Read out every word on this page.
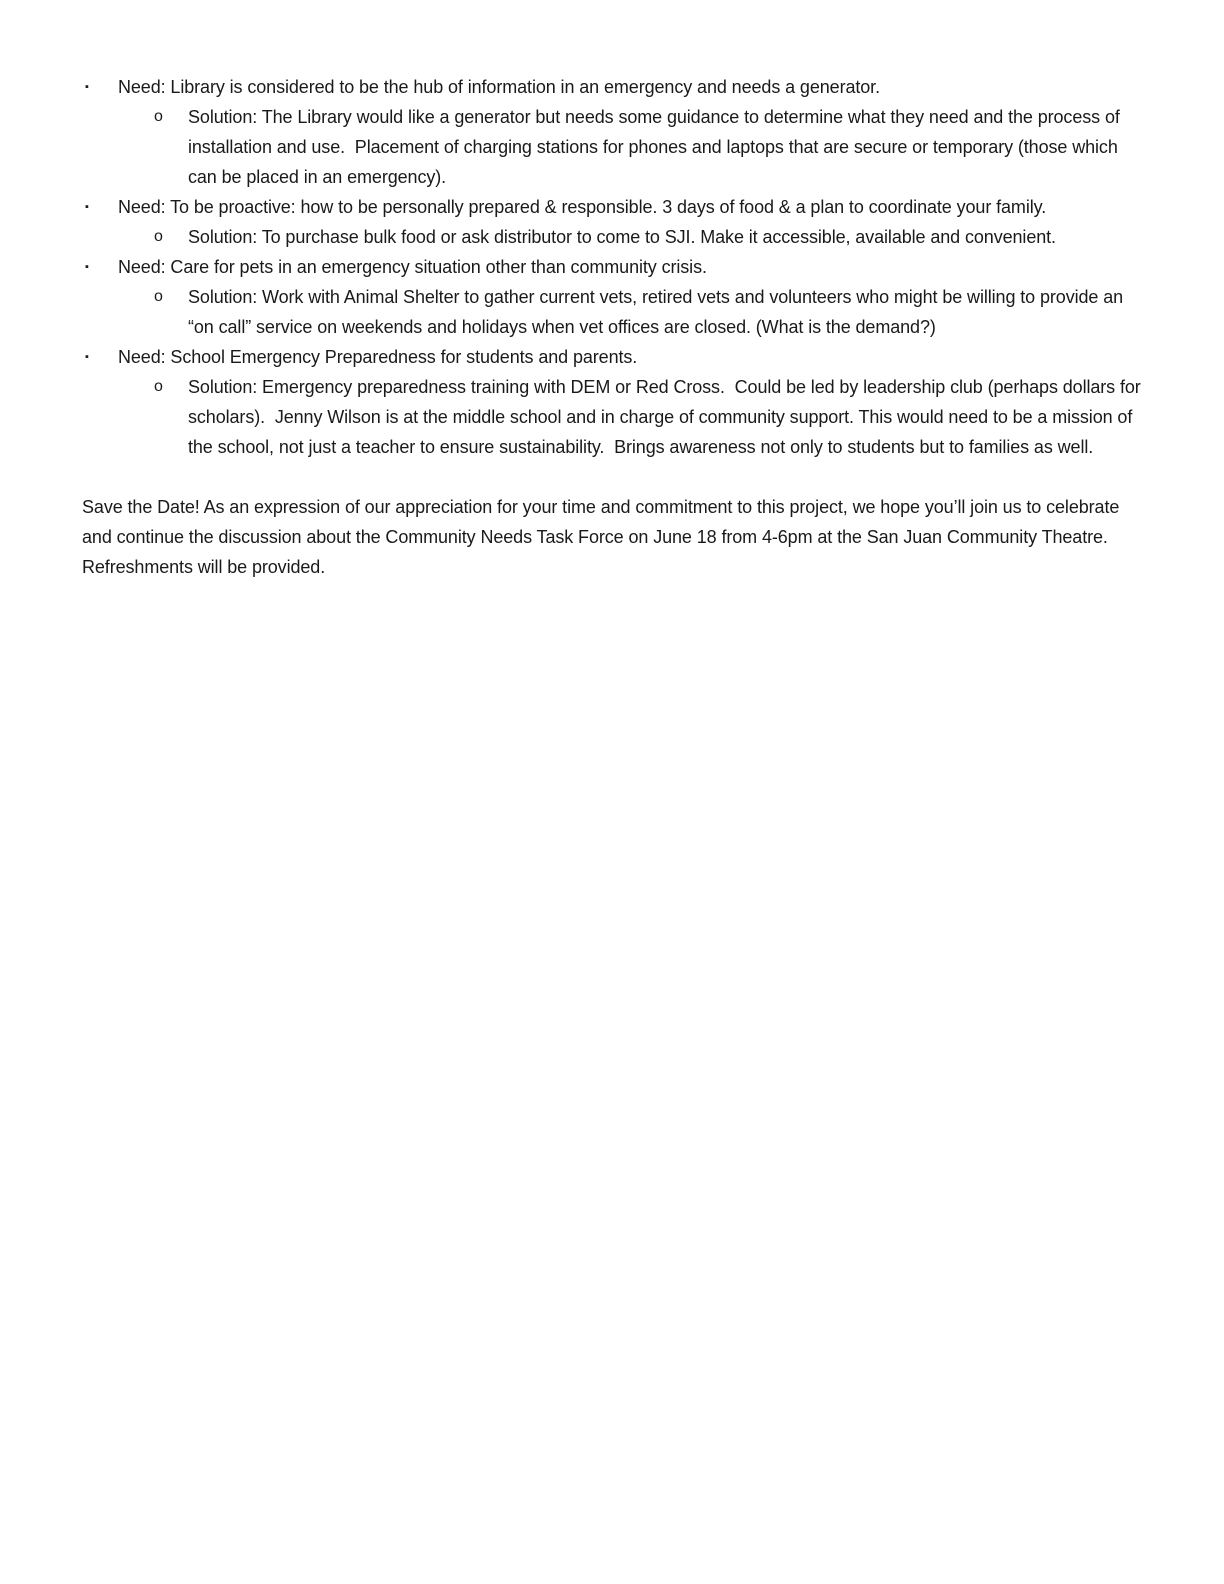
▪	Need: Library is considered to be the hub of information in an emergency and needs a generator.
o	Solution: The Library would like a generator but needs some guidance to determine what they need and the process of installation and use.  Placement of charging stations for phones and laptops that are secure or temporary (those which can be placed in an emergency).
▪	Need: To be proactive: how to be personally prepared & responsible. 3 days of food & a plan to coordinate your family.
o	Solution: To purchase bulk food or ask distributor to come to SJI. Make it accessible, available and convenient.
▪	Need: Care for pets in an emergency situation other than community crisis.
o	Solution: Work with Animal Shelter to gather current vets, retired vets and volunteers who might be willing to provide an “on call” service on weekends and holidays when vet offices are closed. (What is the demand?)
▪	Need: School Emergency Preparedness for students and parents.
o	Solution: Emergency preparedness training with DEM or Red Cross.  Could be led by leadership club (perhaps dollars for scholars).  Jenny Wilson is at the middle school and in charge of community support. This would need to be a mission of the school, not just a teacher to ensure sustainability.  Brings awareness not only to students but to families as well.

Save the Date! As an expression of our appreciation for your time and commitment to this project, we hope you’ll join us to celebrate and continue the discussion about the Community Needs Task Force on June 18 from 4-6pm at the San Juan Community Theatre. Refreshments will be provided.
